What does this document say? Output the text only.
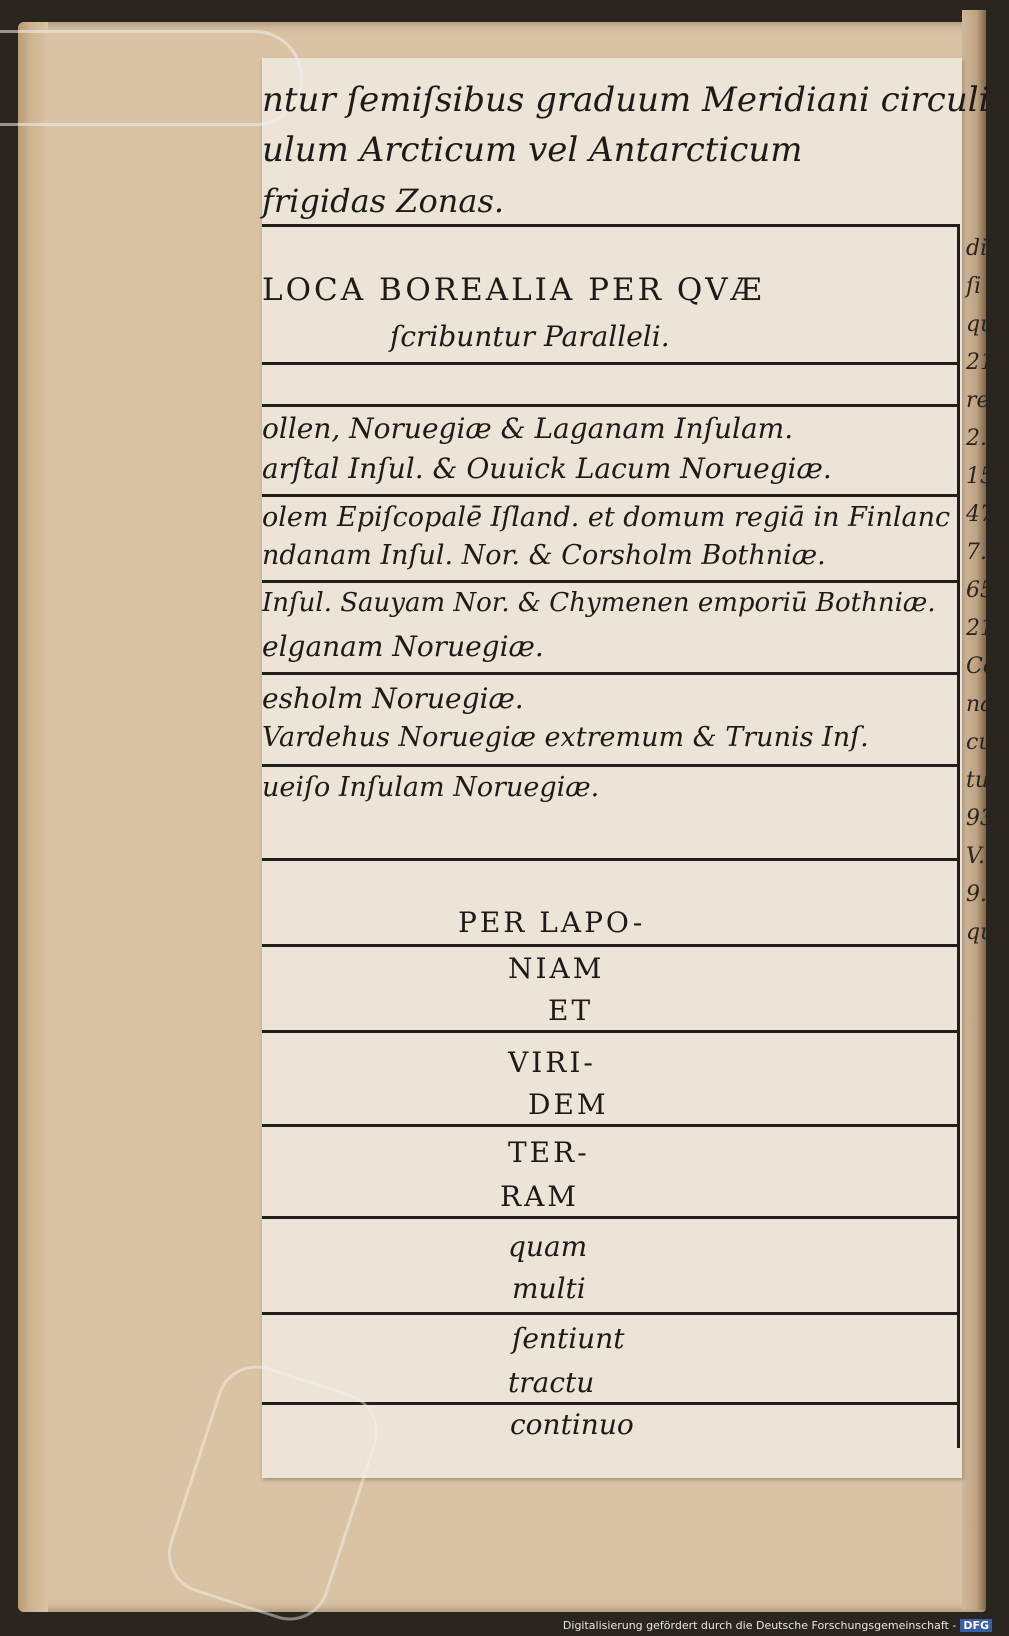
di
ſi
qu
21.
re
2.
15
47
7.
65
21.
Co
na
cu
tur.
93.
V. T
9. T
qua
ntur ſemiſsibus graduum Meridiani circuli
ulum Arcticum vel Antarcticum
frigidas Zonas.
LOCA BOREALIA PER QVÆ
ſcribuntur Paralleli.
ollen, Noruegiæ & Laganam Inſulam.
arſtal Inſul. & Ouuick Lacum Noruegiæ.
olem Epiſcopalē Iſland. et domum regiā in Finlanc
ndanam Inſul. Nor. & Corsholm Bothniæ.
Inſul. Sauyam Nor. & Chymenen emporiū Bothniæ.
elganam Noruegiæ.
esholm Noruegiæ.
Vardehus Noruegiæ extremum & Trunis Inſ.
ueiſo Inſulam Noruegiæ.
PER LAPO-
NIAM
ET
VIRI-
DEM
TER-
RAM
quam
multi
ſentiunt
tractu
continuo
Digitalisierung gefördert durch die Deutsche Forschungsgemeinschaft - DFG
